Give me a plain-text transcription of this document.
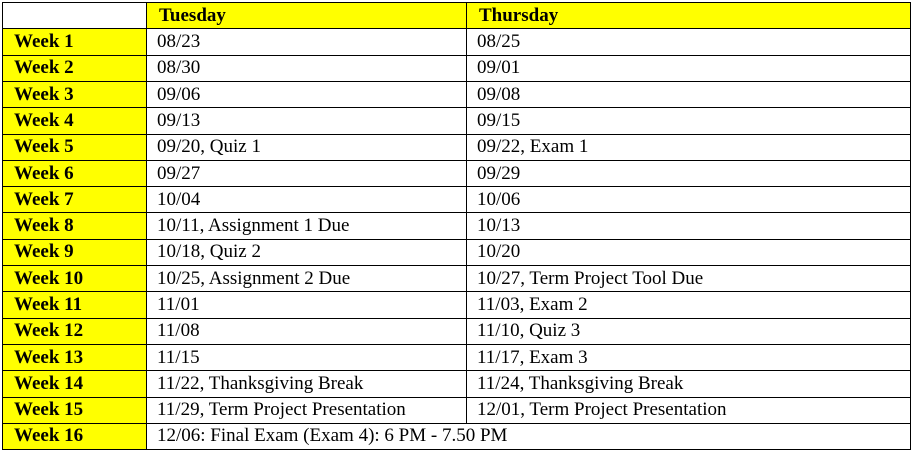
	Tuesday	Thursday
Week 1	08/23	08/25
Week 2	08/30	09/01
Week 3	09/06	09/08
Week 4	09/13	09/15
Week 5	09/20, Quiz 1	09/22, Exam 1
Week 6	09/27	09/29
Week 7	10/04	10/06
Week 8	10/11, Assignment 1 Due	10/13
Week 9	10/18, Quiz 2	10/20
Week 10	10/25, Assignment 2 Due	10/27, Term Project Tool Due
Week 11	11/01	11/03, Exam 2
Week 12	11/08	11/10, Quiz 3
Week 13	11/15	11/17, Exam 3
Week 14	11/22, Thanksgiving Break	11/24, Thanksgiving Break
Week 15	11/29, Term Project Presentation	12/01, Term Project Presentation
Week 16	12/06: Final Exam (Exam 4): 6 PM - 7.50 PM	
